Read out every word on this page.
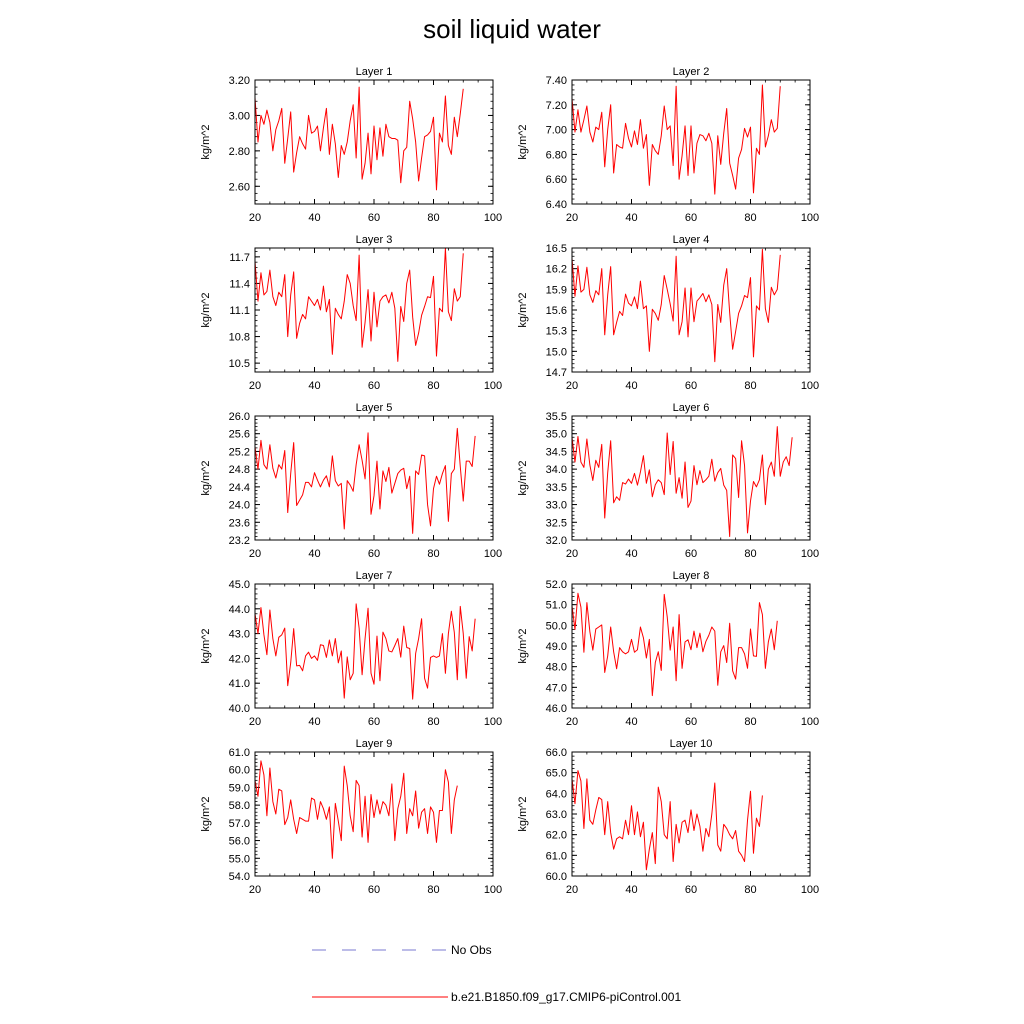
soil liquid water
Layer 1
kg/m^2
20	40	60	80	100
2.60
2.80
3.00
3.20
Layer 2
kg/m^2
20	40	60	80	100
6.40
6.60
6.80
7.00
7.20
7.40
Layer 3
kg/m^2
20	40	60	80	100
10.5
10.8
11.1
11.4
11.7
Layer 4
kg/m^2
20	40	60	80	100
14.7
15.0
15.3
15.6
15.9
16.2
16.5
Layer 5
kg/m^2
20	40	60	80	100
23.2
23.6
24.0
24.4
24.8
25.2
25.6
26.0
Layer 6
kg/m^2
20	40	60	80	100
32.0
32.5
33.0
33.5
34.0
34.5
35.0
35.5
Layer 7
kg/m^2
20	40	60	80	100
40.0
41.0
42.0
43.0
44.0
45.0
Layer 8
kg/m^2
20	40	60	80	100
46.0
47.0
48.0
49.0
50.0
51.0
52.0
Layer 9
kg/m^2
20	40	60	80	100
54.0
55.0
56.0
57.0
58.0
59.0
60.0
61.0
Layer 10
kg/m^2
20	40	60	80	100
60.0
61.0
62.0
63.0
64.0
65.0
66.0
No Obs
b.e21.B1850.f09_g17.CMIP6-piControl.001
